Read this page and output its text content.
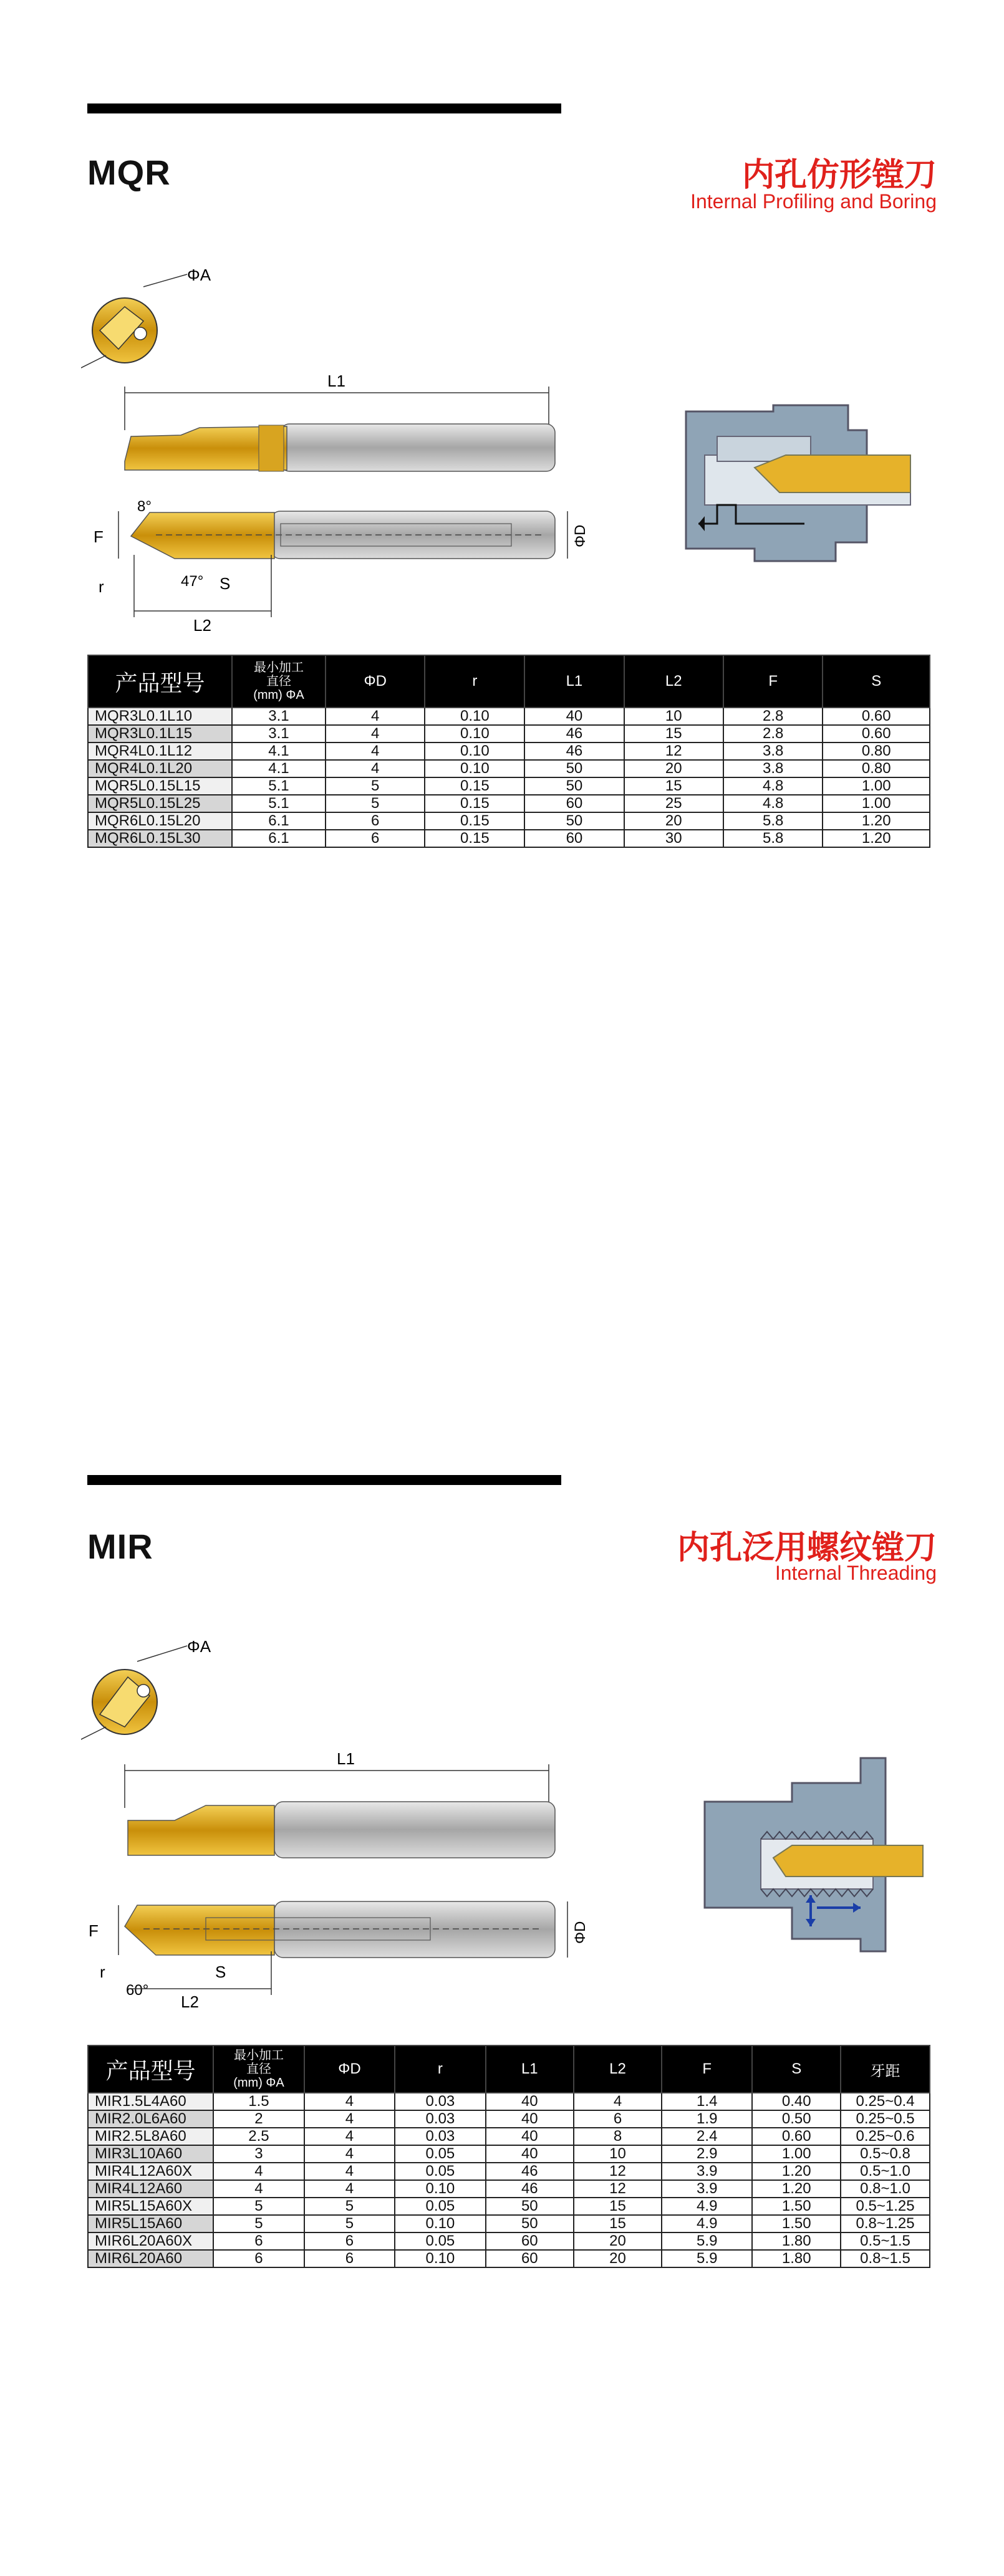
MQR	内孔仿形镗刀
Internal Profiling and Boring
ΦA
L1
F
8°
47°
r	S
L2
ΦD
产品型号	最小加工
直径
(mm) ΦA	ΦD	r	L1	L2	F	S
MQR3L0.1L10	3.1	4	0.10	40	10	2.8	0.60
MQR3L0.1L15	3.1	4	0.10	46	15	2.8	0.60
MQR4L0.1L12	4.1	4	0.10	46	12	3.8	0.80
MQR4L0.1L20	4.1	4	0.10	50	20	3.8	0.80
MQR5L0.15L15	5.1	5	0.15	50	15	4.8	1.00
MQR5L0.15L25	5.1	5	0.15	60	25	4.8	1.00
MQR6L0.15L20	6.1	6	0.15	50	20	5.8	1.20
MQR6L0.15L30	6.1	6	0.15	60	30	5.8	1.20
MIR	内孔泛用螺纹镗刀
Internal Threading
ΦA
L1
F
r
60°
S
L2
ΦD
产品型号	最小加工
直径
(mm) ΦA	ΦD	r	L1	L2	F	S	牙距
MIR1.5L4A60	1.5	4	0.03	40	4	1.4	0.40	0.25~0.4
MIR2.0L6A60	2	4	0.03	40	6	1.9	0.50	0.25~0.5
MIR2.5L8A60	2.5	4	0.03	40	8	2.4	0.60	0.25~0.6
MIR3L10A60	3	4	0.05	40	10	2.9	1.00	0.5~0.8
MIR4L12A60X	4	4	0.05	46	12	3.9	1.20	0.5~1.0
MIR4L12A60	4	4	0.10	46	12	3.9	1.20	0.8~1.0
MIR5L15A60X	5	5	0.05	50	15	4.9	1.50	0.5~1.25
MIR5L15A60	5	5	0.10	50	15	4.9	1.50	0.8~1.25
MIR6L20A60X	6	6	0.05	60	20	5.9	1.80	0.5~1.5
MIR6L20A60	6	6	0.10	60	20	5.9	1.80	0.8~1.5
